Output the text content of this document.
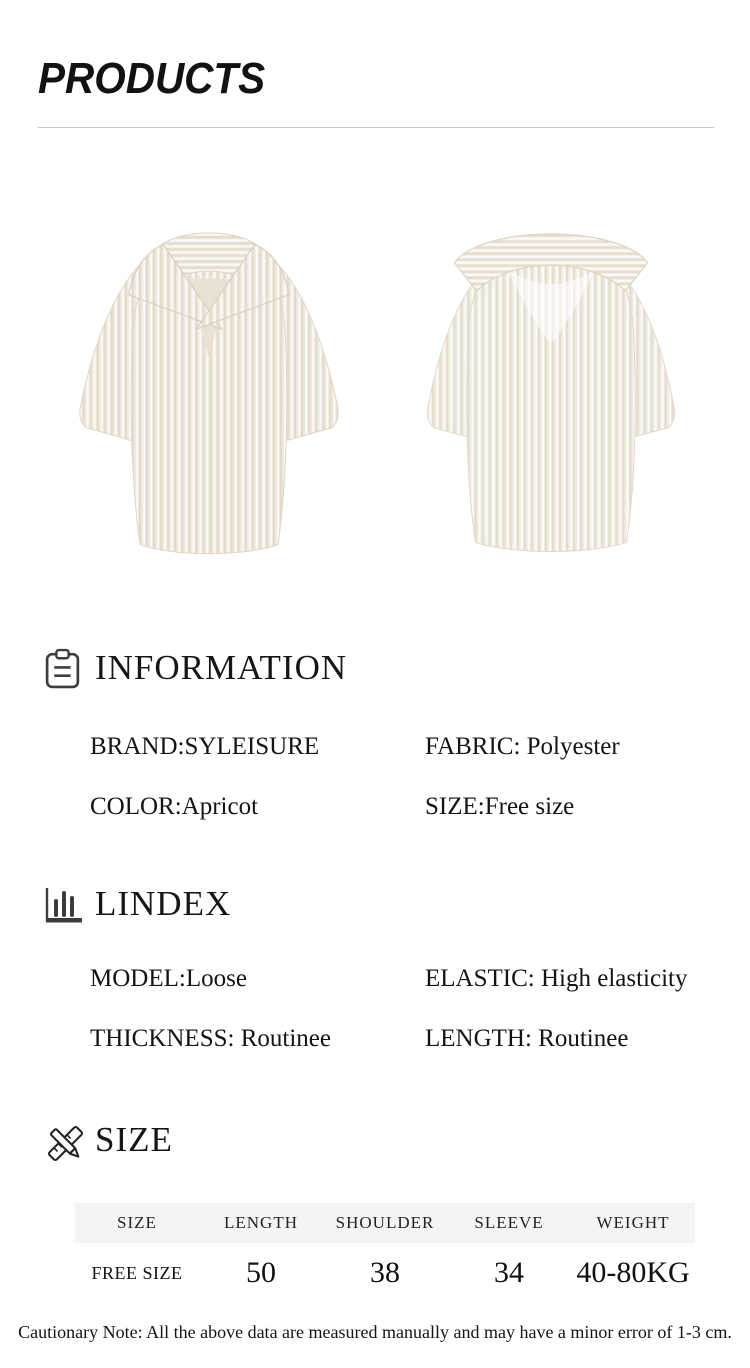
PRODUCTS
INFORMATION
BRAND:SYLEISURE	FABRIC: Polyester
COLOR:Apricot	SIZE:Free size
LINDEX
MODEL:Loose	ELASTIC: High elasticity
THICKNESS: Routinee	LENGTH: Routinee
SIZE
SIZE	LENGTH	SHOULDER	SLEEVE	WEIGHT
FREE SIZE	50	38	34	40-80KG

Cautionary Note: All the above data are measured manually and may have a minor error of 1-3 cm.
